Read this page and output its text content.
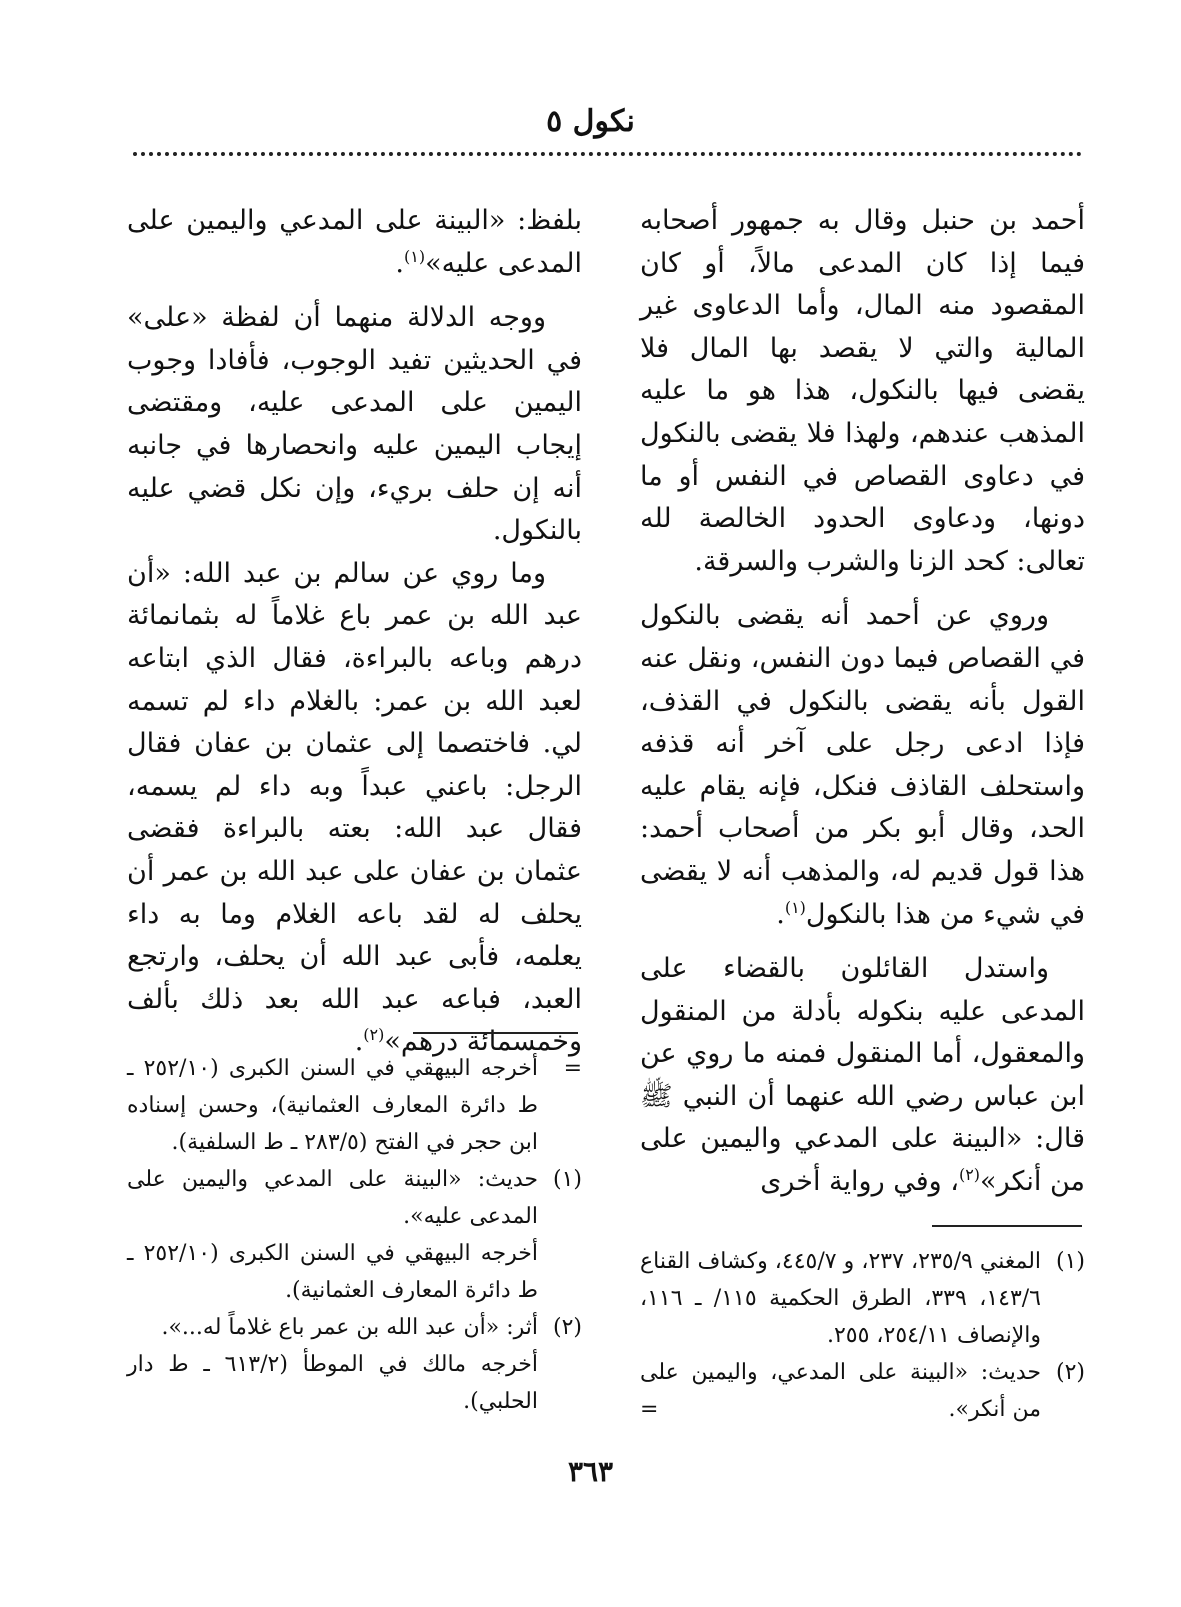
نكول ٥

أحمد بن حنبل وقال به جمهور أصحابه فيما إذا كان المدعى مالاً، أو كان المقصود منه المال، وأما الدعاوى غير المالية والتي لا يقصد بها المال فلا يقضى فيها بالنكول، هذا هو ما عليه المذهب عندهم، ولهذا فلا يقضى بالنكول في دعاوى القصاص في النفس أو ما دونها، ودعاوى الحدود الخالصة لله تعالى: كحد الزنا والشرب والسرقة.

وروي عن أحمد أنه يقضى بالنكول في القصاص فيما دون النفس، ونقل عنه القول بأنه يقضى بالنكول في القذف، فإذا ادعى رجل على آخر أنه قذفه واستحلف القاذف فنكل، فإنه يقام عليه الحد، وقال أبو بكر من أصحاب أحمد: هذا قول قديم له، والمذهب أنه لا يقضى في شيء من هذا بالنكول$^{(١)}$.

واستدل القائلون بالقضاء على المدعى عليه بنكوله بأدلة من المنقول والمعقول، أما المنقول فمنه ما روي عن ابن عباس رضي الله عنهما أن النبي ﷺ قال: «البينة على المدعي واليمين على من أنكر»$^{(٢)}$، وفي رواية أخرى

(١)
المغني ٢٣٥/٩، ٢٣٧، و ٤٤٥/٧، وكشاف القناع ١٤٣/٦، ٣٣٩، الطرق الحكمية ١١٥/ ـ ١١٦، والإنصاف ٢٥٤/١١، ٢٥٥.

(٢)
حديث: «البينة على المدعي، واليمين على من أنكر».
=

بلفظ: «البينة على المدعي واليمين على المدعى عليه»$^{(١)}$.

ووجه الدلالة منهما أن لفظة «على» في الحديثين تفيد الوجوب، فأفادا وجوب اليمين على المدعى عليه، ومقتضى إيجاب اليمين عليه وانحصارها في جانبه أنه إن حلف بريء، وإن نكل قضي عليه بالنكول.

وما روي عن سالم بن عبد الله: «أن عبد الله بن عمر باع غلاماً له بثمانمائة درهم وباعه بالبراءة، فقال الذي ابتاعه لعبد الله بن عمر: بالغلام داء لم تسمه لي. فاختصما إلى عثمان بن عفان فقال الرجل: باعني عبداً وبه داء لم يسمه، فقال عبد الله: بعته بالبراءة فقضى عثمان بن عفان على عبد الله بن عمر أن يحلف له لقد باعه الغلام وما به داء يعلمه، فأبى عبد الله أن يحلف، وارتجع العبد، فباعه عبد الله بعد ذلك بألف وخمسمائة درهم»$^{(٢)}$.

=
أخرجه البيهقي في السنن الكبرى (٢٥٢/١٠ ـ ط دائرة المعارف العثمانية)، وحسن إسناده ابن حجر في الفتح (٢٨٣/٥ ـ ط السلفية).

(١)
حديث: «البينة على المدعي واليمين على المدعى عليه».

أخرجه البيهقي في السنن الكبرى (٢٥٢/١٠ ـ ط دائرة المعارف العثمانية).

(٢)
أثر: «أن عبد الله بن عمر باع غلاماً له...».

أخرجه مالك في الموطأ (٦١٣/٢ ـ ط دار الحلبي).

٣٦٣
